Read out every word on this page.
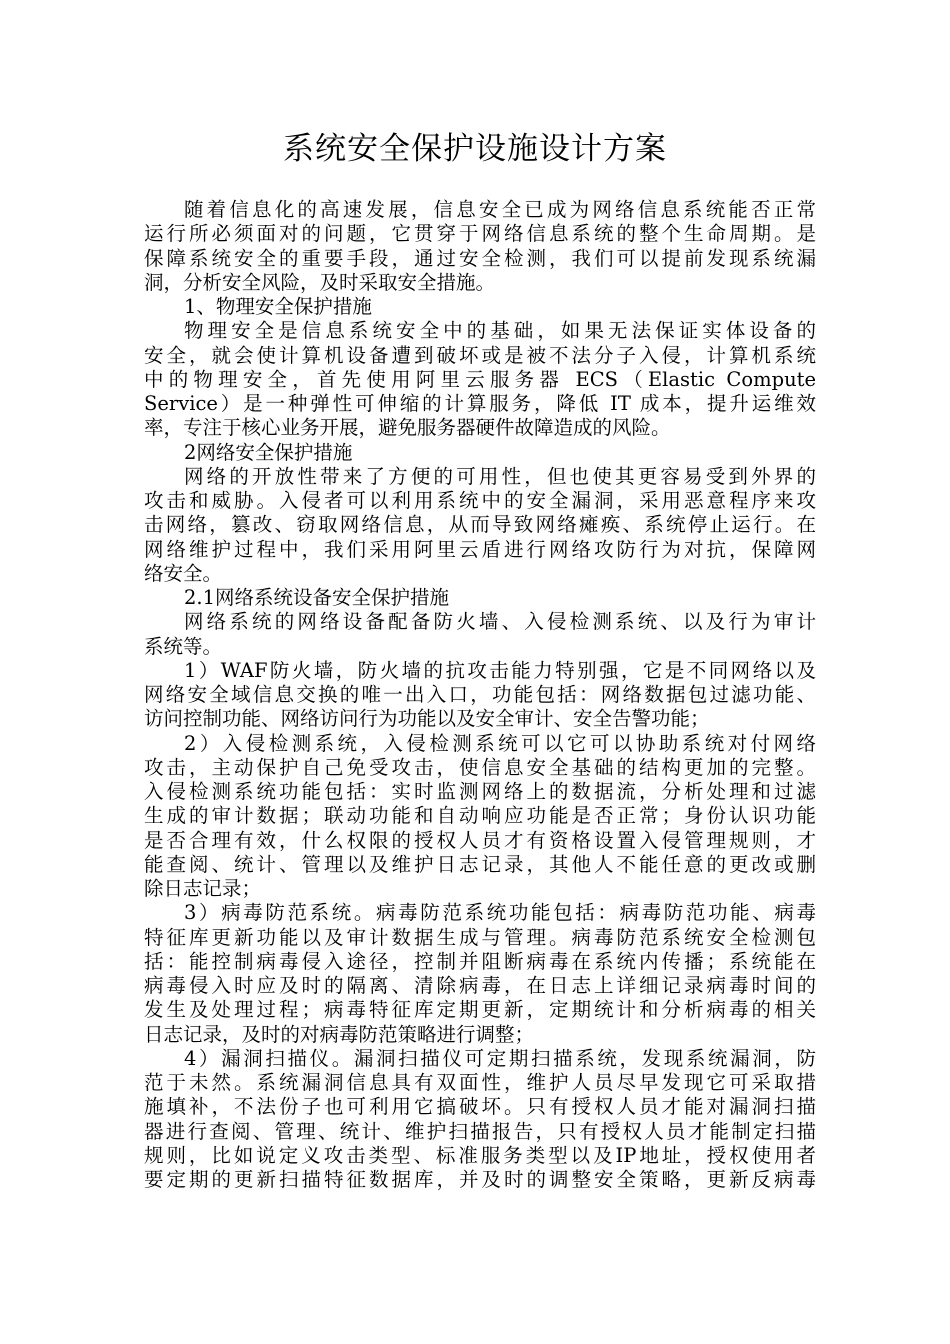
系统安全保护设施设计方案
随着信息化的高速发展，信息安全已成为网络信息系统能否正常
运行所必须面对的问题，它贯穿于网络信息系统的整个生命周期。是
保障系统安全的重要手段，通过安全检测，我们可以提前发现系统漏
洞，分析安全风险，及时采取安全措施。
1、物理安全保护措施
物理安全是信息系统安全中的基础，如果无法保证实体设备的
安全，就会使计算机设备遭到破坏或是被不法分子入侵，计算机系统
中的物理安全，首先使用阿里云服务器 ECS（Elastic Compute
Service）是一种弹性可伸缩的计算服务，降低 IT 成本，提升运维效
率，专注于核心业务开展，避免服务器硬件故障造成的风险。
2网络安全保护措施
网络的开放性带来了方便的可用性，但也使其更容易受到外界的
攻击和威胁。入侵者可以利用系统中的安全漏洞，采用恶意程序来攻
击网络，篡改、窃取网络信息，从而导致网络瘫痪、系统停止运行。在
网络维护过程中，我们采用阿里云盾进行网络攻防行为对抗，保障网
络安全。
2.1网络系统设备安全保护措施
网络系统的网络设备配备防火墙、入侵检测系统、以及行为审计
系统等。
1）WAF防火墙，防火墙的抗攻击能力特别强，它是不同网络以及
网络安全域信息交换的唯一出入口，功能包括：网络数据包过滤功能、
访问控制功能、网络访问行为功能以及安全审计、安全告警功能；
2）入侵检测系统，入侵检测系统可以它可以协助系统对付网络
攻击，主动保护自己免受攻击，使信息安全基础的结构更加的完整。
入侵检测系统功能包括：实时监测网络上的数据流，分析处理和过滤
生成的审计数据；联动功能和自动响应功能是否正常；身份认识功能
是否合理有效，什么权限的授权人员才有资格设置入侵管理规则，才
能查阅、统计、管理以及维护日志记录，其他人不能任意的更改或删
除日志记录；
3）病毒防范系统。病毒防范系统功能包括：病毒防范功能、病毒
特征库更新功能以及审计数据生成与管理。病毒防范系统安全检测包
括：能控制病毒侵入途径，控制并阻断病毒在系统内传播；系统能在
病毒侵入时应及时的隔离、清除病毒，在日志上详细记录病毒时间的
发生及处理过程；病毒特征库定期更新，定期统计和分析病毒的相关
日志记录，及时的对病毒防范策略进行调整；
4）漏洞扫描仪。漏洞扫描仪可定期扫描系统，发现系统漏洞，防
范于未然。系统漏洞信息具有双面性，维护人员尽早发现它可采取措
施填补，不法份子也可利用它搞破坏。只有授权人员才能对漏洞扫描
器进行查阅、管理、统计、维护扫描报告，只有授权人员才能制定扫描
规则，比如说定义攻击类型、标准服务类型以及IP地址，授权使用者
要定期的更新扫描特征数据库，并及时的调整安全策略，更新反病毒
